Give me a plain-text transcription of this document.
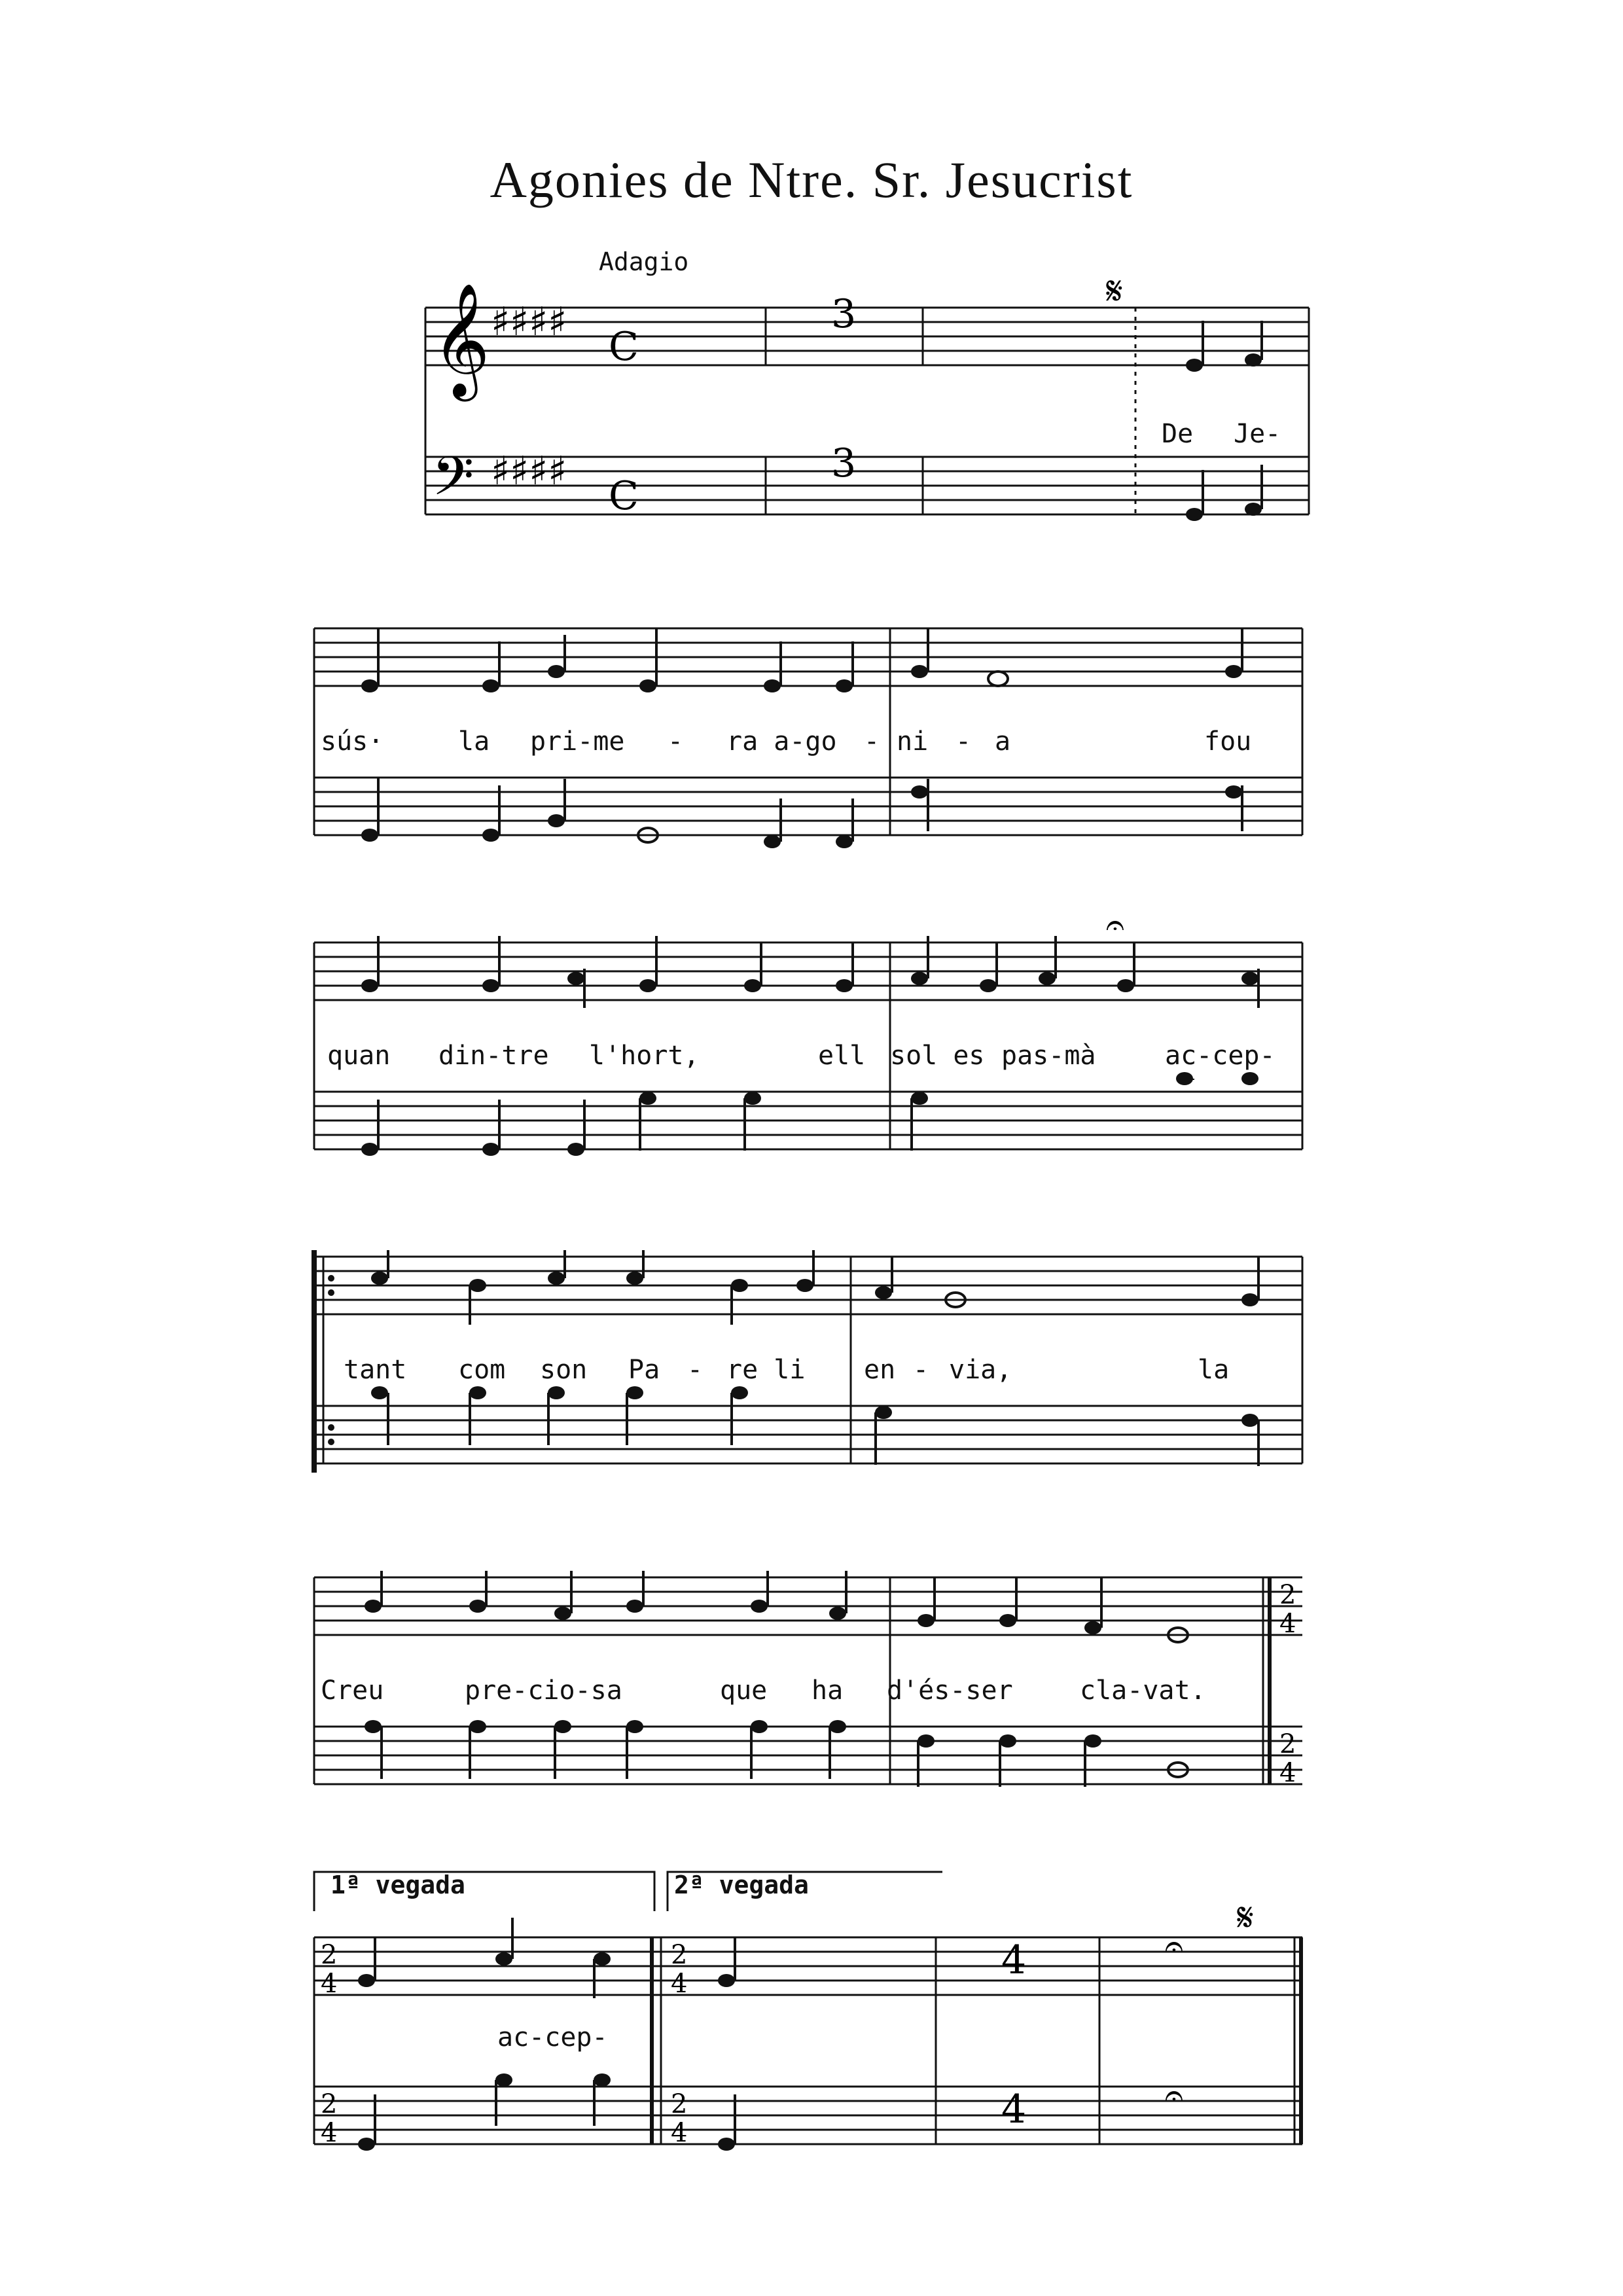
Agonies de Ntre. Sr. Jesucrist
Adagio
𝄞
𝄢
♯♯♯♯
♯♯♯♯
C
C
3
3
𝄋
De Je-
sús·	la pri-me - ra a-go - ni - a	fou
𝄐
quan din-tre l'hort,	ell sol es pas-mà	ac-cep-
tant com son Pa - re li en - via,	la
2
4
2
4
Creu	pre-cio-sa	que ha d'és-ser	cla-vat.
1ª vegada	2ª vegada
2
4
2
4
2
4
2
4
4
4
𝄋
𝄐
𝄐
ac-cep-
